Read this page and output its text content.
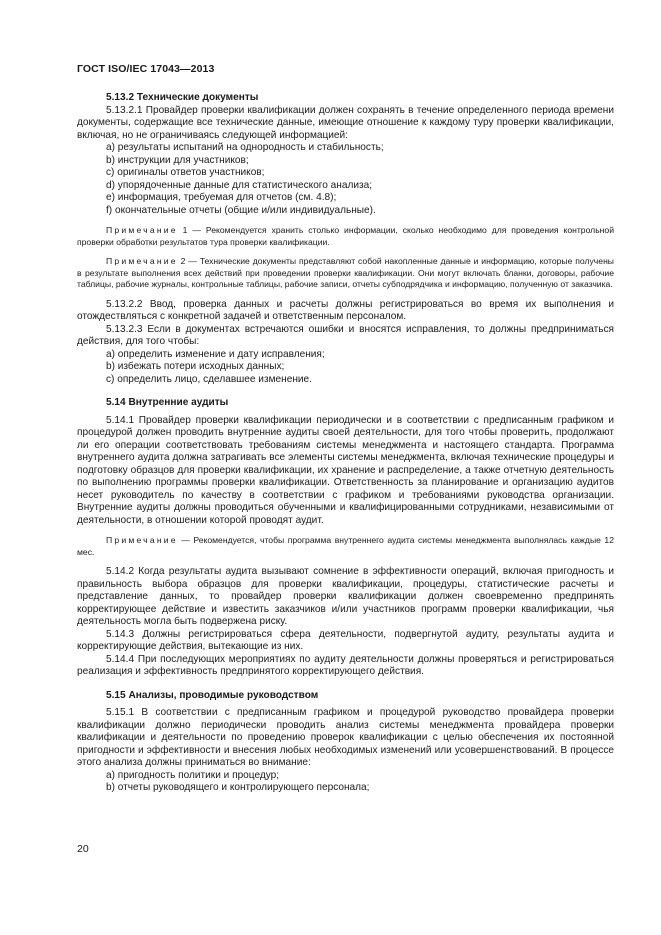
ГОСТ ISO/IEC 17043—2013

5.13.2 Технические документы

5.13.2.1 Провайдер проверки квалификации должен сохранять в течение определенного периода времени документы, содержащие все технические данные, имеющие отношение к каждому туру проверки квалификации, включая, но не ограничиваясь следующей информацией:

a) результаты испытаний на однородность и стабильность;

b) инструкции для участников;

c) оригиналы ответов участников;

d) упорядоченные данные для статистического анализа;

e) информация, требуемая для отчетов (см. 4.8);

f) окончательные отчеты (общие и/или индивидуальные).

Примечание 1 — Рекомендуется хранить столько информации, сколько необходимо для проведения контрольной проверки обработки результатов тура проверки квалификации.

Примечание 2 — Технические документы представляют собой накопленные данные и информацию, которые получены в результате выполнения всех действий при проведении проверки квалификации. Они могут включать бланки, договоры, рабочие таблицы, рабочие журналы, контрольные таблицы, рабочие записи, отчеты субподрядчика и информацию, полученную от заказчика.

5.13.2.2 Ввод, проверка данных и расчеты должны регистрироваться во время их выполнения и отождествляться с конкретной задачей и ответственным персоналом.

5.13.2.3 Если в документах встречаются ошибки и вносятся исправления, то должны предприниматься действия, для того чтобы:

a) определить изменение и дату исправления;

b) избежать потери исходных данных;

c) определить лицо, сделавшее изменение.

5.14 Внутренние аудиты

5.14.1 Провайдер проверки квалификации периодически и в соответствии с предписанным графиком и процедурой должен проводить внутренние аудиты своей деятельности, для того чтобы проверить, продолжают ли его операции соответствовать требованиям системы менеджмента и настоящего стандарта. Программа внутреннего аудита должна затрагивать все элементы системы менеджмента, включая технические процедуры и подготовку образцов для проверки квалификации, их хранение и распределение, а также отчетную деятельность по выполнению программы проверки квалификации. Ответственность за планирование и организацию аудитов несет руководитель по качеству в соответствии с графиком и требованиями руководства организации. Внутренние аудиты должны проводиться обученными и квалифицированными сотрудниками, независимыми от деятельности, в отношении которой проводят аудит.

Примечание — Рекомендуется, чтобы программа внутреннего аудита системы менеджмента выполнялась каждые 12 мес.

5.14.2 Когда результаты аудита вызывают сомнение в эффективности операций, включая пригодность и правильность выбора образцов для проверки квалификации, процедуры, статистические расчеты и представление данных, то провайдер проверки квалификации должен своевременно предпринять корректирующее действие и известить заказчиков и/или участников программ проверки квалификации, чья деятельность могла быть подвержена риску.

5.14.3 Должны регистрироваться сфера деятельности, подвергнутой аудиту, результаты аудита и корректирующие действия, вытекающие из них.

5.14.4 При последующих мероприятиях по аудиту деятельности должны проверяться и регистрироваться реализация и эффективность предпринятого корректирующего действия.

5.15 Анализы, проводимые руководством

5.15.1 В соответствии с предписанным графиком и процедурой руководство провайдера проверки квалификации должно периодически проводить анализ системы менеджмента провайдера проверки квалификации и деятельности по проведению проверок квалификации с целью обеспечения их постоянной пригодности и эффективности и внесения любых необходимых изменений или усовершенствований. В процессе этого анализа должны приниматься во внимание:

a) пригодность политики и процедур;

b) отчеты руководящего и контролирующего персонала;

20
